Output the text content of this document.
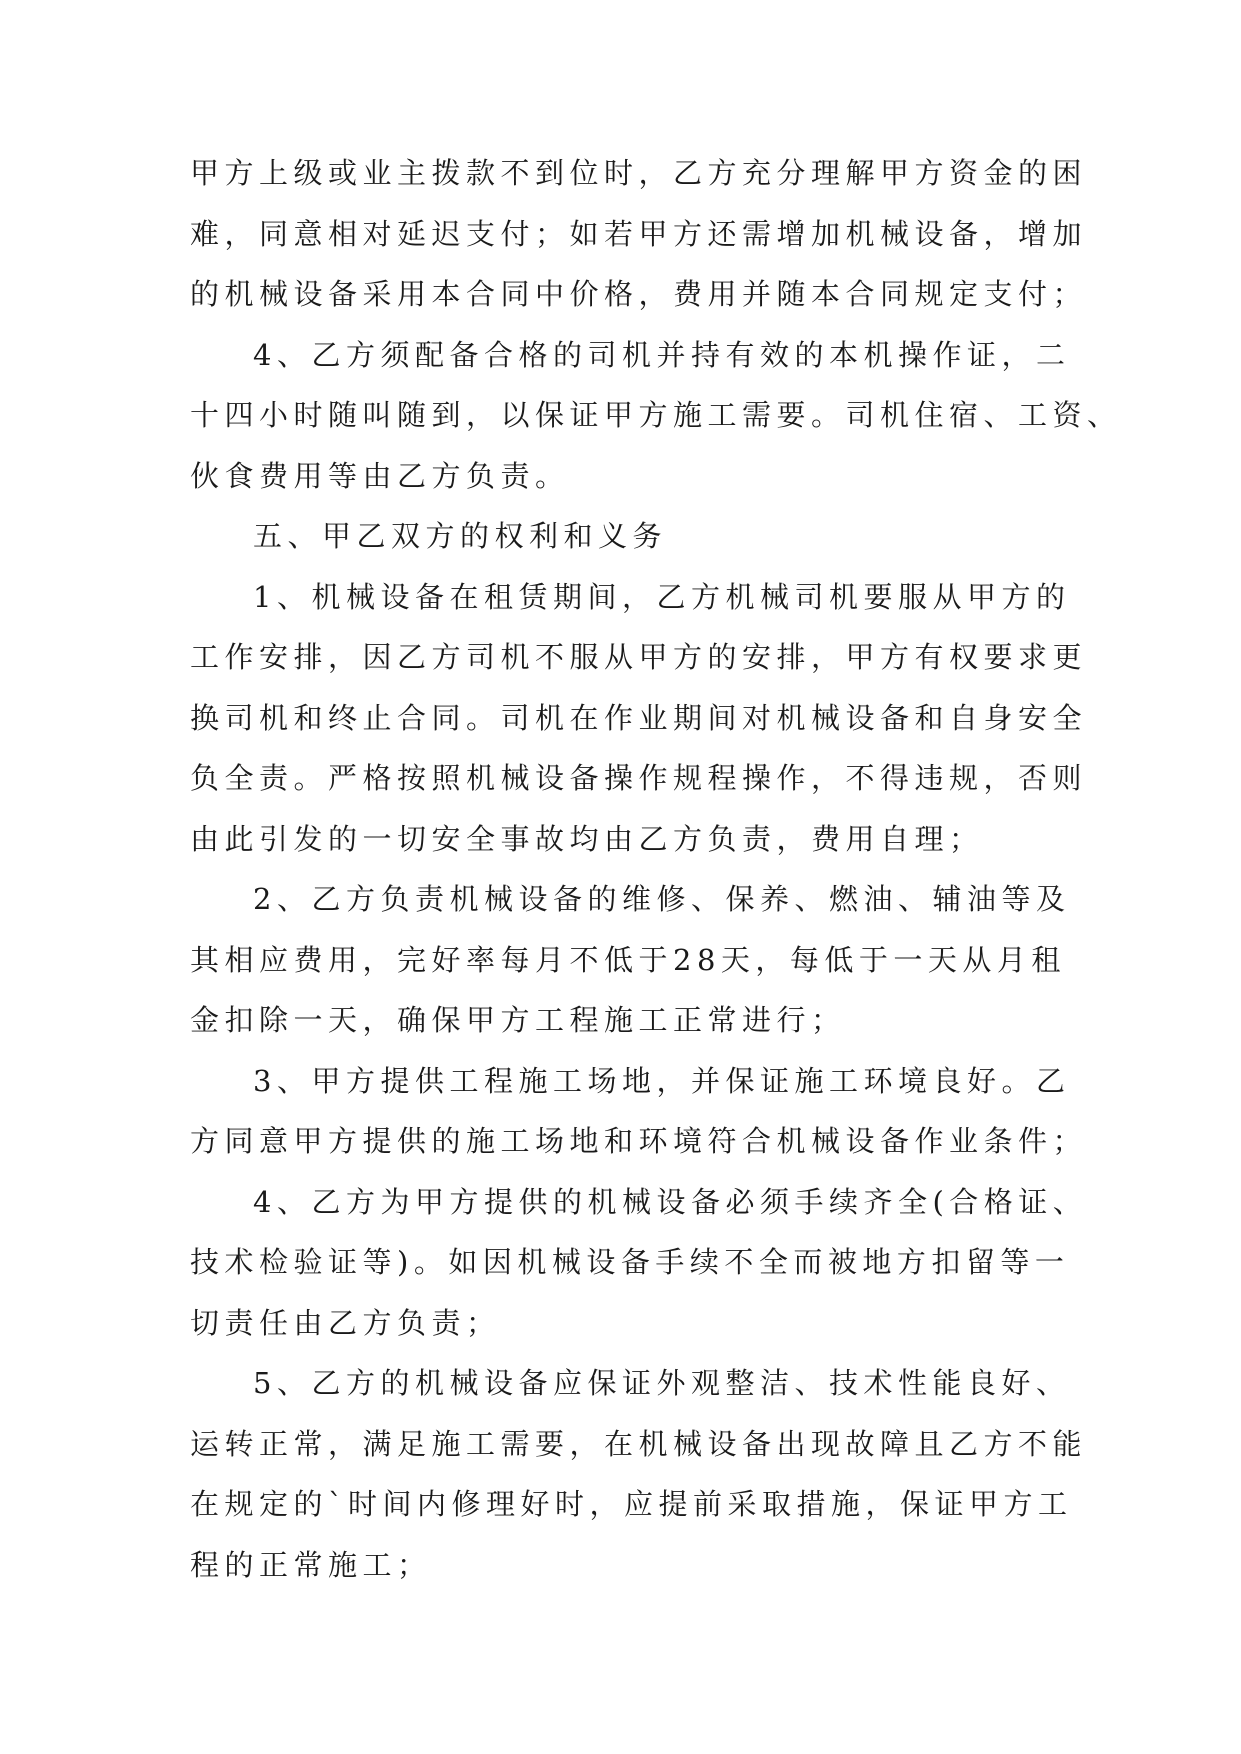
甲方上级或业主拨款不到位时，乙方充分理解甲方资金的困
难，同意相对延迟支付；如若甲方还需增加机械设备，增加
的机械设备采用本合同中价格，费用并随本合同规定支付；

4、乙方须配备合格的司机并持有效的本机操作证，二
十四小时随叫随到，以保证甲方施工需要。司机住宿、工资、
伙食费用等由乙方负责。

五、甲乙双方的权利和义务

1、机械设备在租赁期间，乙方机械司机要服从甲方的
工作安排，因乙方司机不服从甲方的安排，甲方有权要求更
换司机和终止合同。司机在作业期间对机械设备和自身安全
负全责。严格按照机械设备操作规程操作，不得违规，否则
由此引发的一切安全事故均由乙方负责，费用自理；

2、乙方负责机械设备的维修、保养、燃油、辅油等及
其相应费用，完好率每月不低于28天，每低于一天从月租
金扣除一天，确保甲方工程施工正常进行；

3、甲方提供工程施工场地，并保证施工环境良好。乙
方同意甲方提供的施工场地和环境符合机械设备作业条件；

4、乙方为甲方提供的机械设备必须手续齐全(合格证、
技术检验证等)。如因机械设备手续不全而被地方扣留等一
切责任由乙方负责；

5、乙方的机械设备应保证外观整洁、技术性能良好、
运转正常，满足施工需要，在机械设备出现故障且乙方不能
在规定的`时间内修理好时，应提前采取措施，保证甲方工
程的正常施工；
